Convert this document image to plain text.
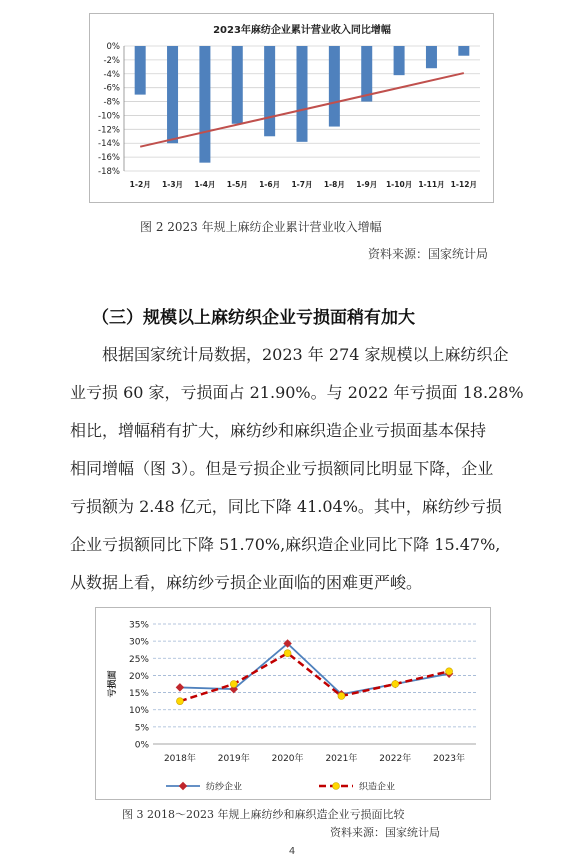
2023年麻纺企业累计营业收入同比增幅
0%
-2%
-4%
-6%
-8%
-10%
-12%
-14%
-16%
-18%
1-2月 1-3月 1-4月 1-5月 1-6月 1-7月 1-8月 1-9月 1-10月 1-11月 1-12月
图 2 2023 年规上麻纺企业累计营业收入增幅
资料来源：国家统计局
（三）规模以上麻纺织企业亏损面稍有加大
　　根据国家统计局数据，2023 年 274 家规模以上麻纺织企
业亏损 60 家，亏损面占 21.90%。与 2022 年亏损面 18.28%
相比，增幅稍有扩大，麻纺纱和麻织造企业亏损面基本保持
相同增幅（图 3）。但是亏损企业亏损额同比明显下降，企业
亏损额为 2.48 亿元，同比下降 41.04%。其中，麻纺纱亏损
企业亏损额同比下降 51.70%,麻织造企业同比下降 15.47%,
从数据上看，麻纺纱亏损企业面临的困难更严峻。
0%
5%
10%
15%
20%
25%
30%
35%
亏损面
2018年 2019年 2020年 2021年 2022年 2023年
纺纱企业	织造企业
图 3 2018～2023 年规上麻纺纱和麻织造企业亏损面比较
资料来源：国家统计局
4
